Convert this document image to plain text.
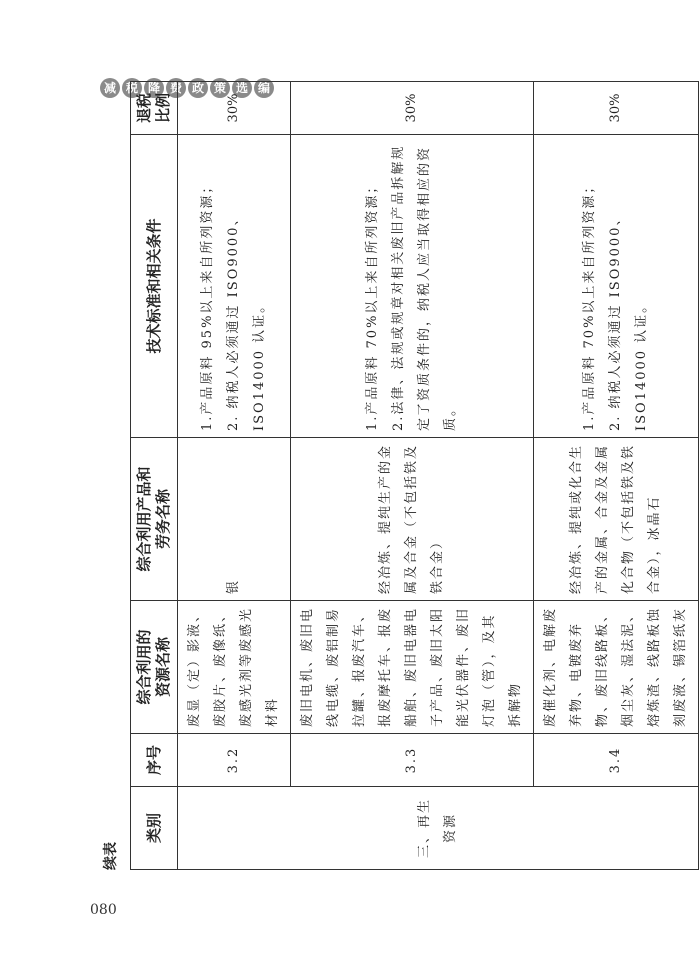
减 税 降 费 政 策 选 编
续表
类别	序号	综合利用的 资源名称	综合利用产品和 劳务名称	技术标准和相关条件	退税 比例

三、再生资源	3.2	废显（定）影液、废胶片、废像纸、废感光剂等废感光材料	银	1.产品原料 95%以上来自所列资源； 2. 纳税人必须通过 ISO9000、ISO14000 认证。	30%
	3.3	废旧电机、废旧电线电缆、废铝制易拉罐、报废汽车、报废摩托车、报废船舶、废旧电器电子产品、废旧太阳能光伏器件、废旧灯泡（管），及其拆解物	经冶炼、提纯生产的金属及合金（不包括铁及铁合金）	1.产品原料 70%以上来自所列资源； 2.法律、法规或规章对相关废旧产品拆解规定了资质条件的，纳税人应当取得相应的资质。	30%
	3.4	废催化剂、电解废弃物、电镀废弃物、废旧线路板、烟尘灰、湿法泥、熔炼渣、线路板蚀刻废液、锡箔纸灰	经冶炼、提纯或化合生产的金属、合金及金属化合物（不包括铁及铁合金），冰晶石	1.产品原料 70%以上来自所列资源； 2. 纳税人必须通过 ISO9000、ISO14000 认证。	30%
080
